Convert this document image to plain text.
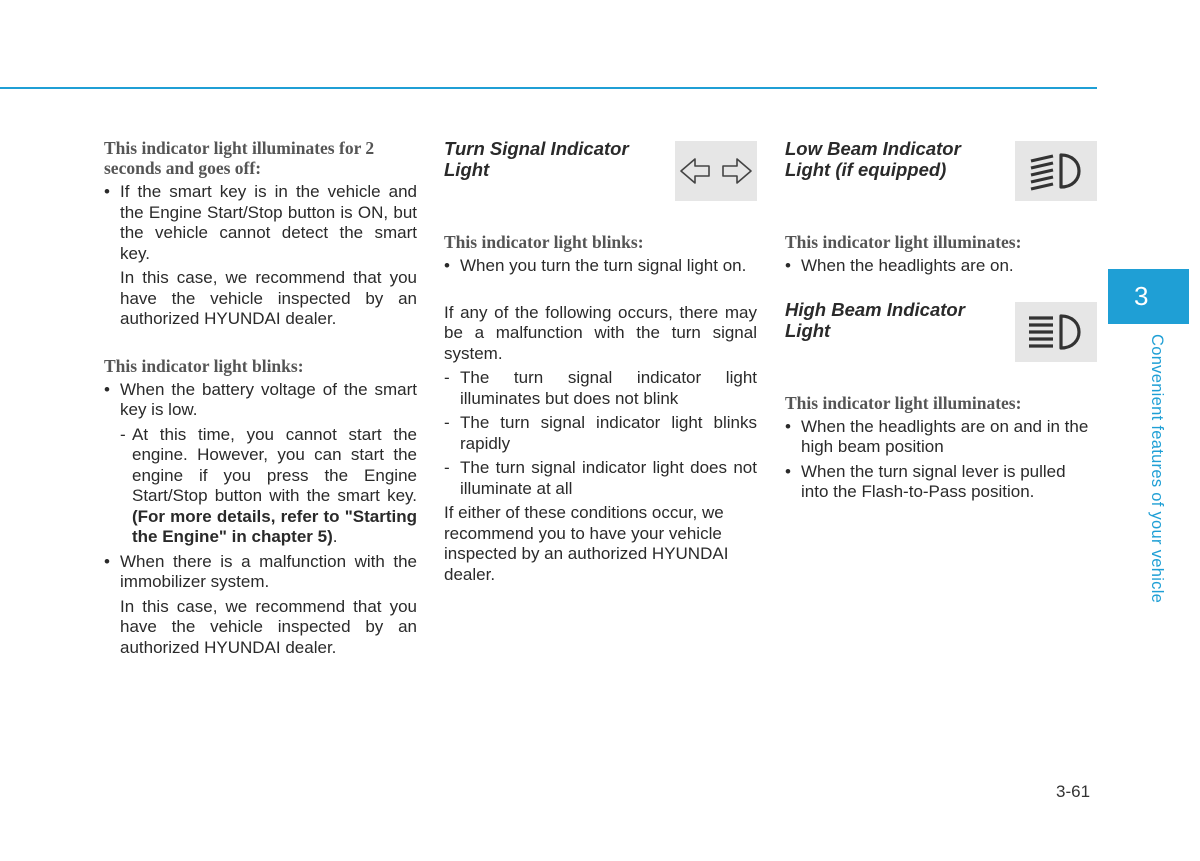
This indicator light illuminates for 2 seconds and goes off:

• If the smart key is in the vehicle and the Engine Start/Stop button is ON, but the vehicle cannot detect the smart key.

In this case, we recommend that you have the vehicle inspected by an authorized HYUNDAI dealer.

This indicator light blinks:

• When the battery voltage of the smart key is low.

- At this time, you cannot start the engine. However, you can start the engine if you press the Engine Start/Stop button with the smart key. (For more details, refer to "Starting the Engine" in chapter 5).

• When there is a malfunction with the immobilizer system.

In this case, we recommend that you have the vehicle inspected by an authorized HYUNDAI dealer.

Turn Signal Indicator Light

This indicator light blinks:

• When you turn the turn signal light on.

If any of the following occurs, there may be a malfunction with the turn signal system.

- The turn signal indicator light illuminates but does not blink

- The turn signal indicator light blinks rapidly

- The turn signal indicator light does not illuminate at all

If either of these conditions occur, we recommend you to have your vehicle inspected by an authorized HYUNDAI dealer.

Low Beam Indicator Light (if equipped)

This indicator light illuminates:

• When the headlights are on.

High Beam Indicator Light

This indicator light illuminates:

• When the headlights are on and in the high beam position

• When the turn signal lever is pulled into the Flash-to-Pass position.

3
Convenient features of your vehicle
3-61
